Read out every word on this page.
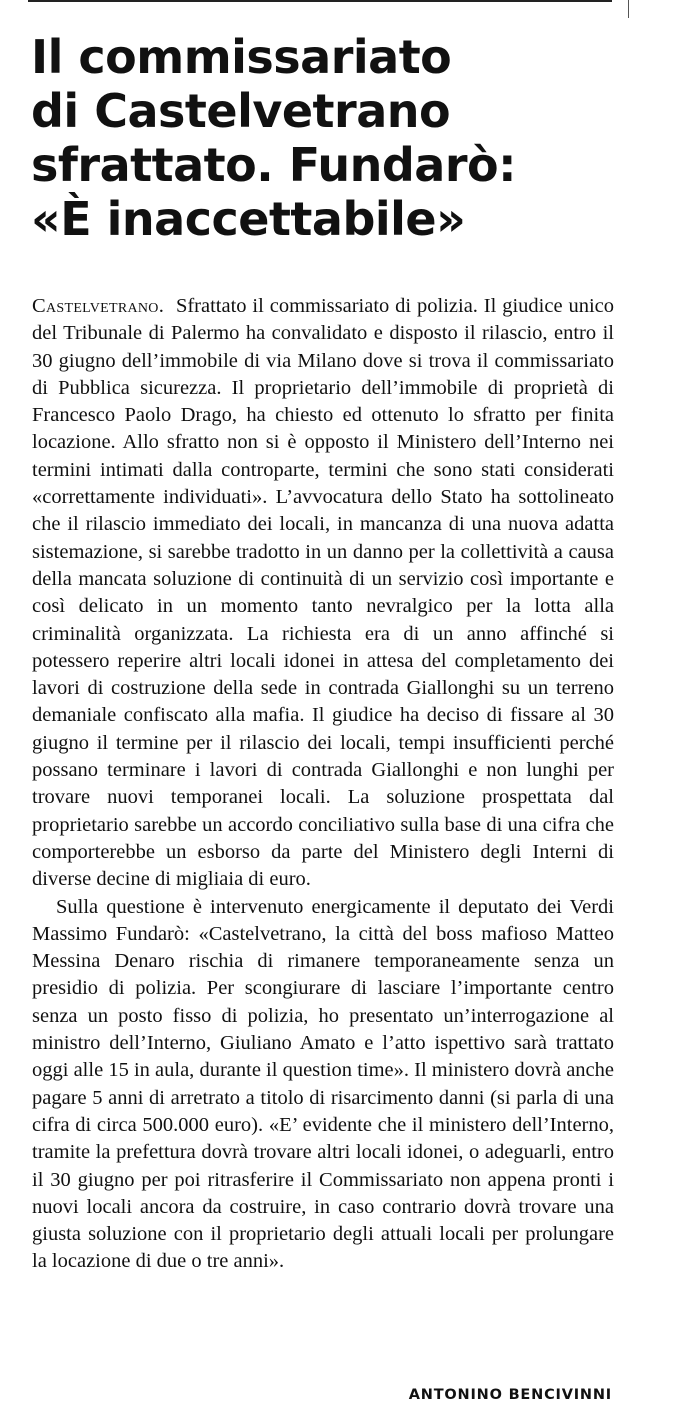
Il commissariato
di Castelvetrano
sfrattato. Fundarò:
«È inaccettabile»

Castelvetrano. Sfrattato il commissariato di polizia. Il giudice unico del Tribunale di Palermo ha convalidato e disposto il rilascio, entro il 30 giugno dell’immobile di via Milano dove si trova il commissariato di Pubblica sicurezza. Il proprietario dell’immobile di proprietà di Francesco Paolo Drago, ha chiesto ed ottenuto lo sfratto per finita locazione. Allo sfratto non si è opposto il Ministero dell’Interno nei termini intimati dalla controparte, termini che sono stati considerati «correttamente individuati». L’avvocatura dello Stato ha sottolineato che il rilascio immediato dei locali, in mancanza di una nuova adatta sistemazione, si sarebbe tradotto in un danno per la collettività a causa della mancata soluzione di continuità di un servizio così importante e così delicato in un momento tanto nevralgico per la lotta alla criminalità organizzata. La richiesta era di un anno affinché si potessero reperire altri locali idonei in attesa del completamento dei lavori di costruzione della sede in contrada Giallonghi su un terreno demaniale confiscato alla mafia. Il giudice ha deciso di fissare al 30 giugno il termine per il rilascio dei locali, tempi insufficienti perché possano terminare i lavori di contrada Giallonghi e non lunghi per trovare nuovi temporanei locali. La soluzione prospettata dal proprietario sarebbe un accordo conciliativo sulla base di una cifra che comporterebbe un esborso da parte del Ministero degli Interni di diverse decine di migliaia di euro.

Sulla questione è intervenuto energicamente il deputato dei Verdi Massimo Fundarò: «Castelvetrano, la città del boss mafioso Matteo Messina Denaro rischia di rimanere temporaneamente senza un presidio di polizia. Per scongiurare di lasciare l’importante centro senza un posto fisso di polizia, ho presentato un’interrogazione al ministro dell’Interno, Giuliano Amato e l’atto ispettivo sarà trattato oggi alle 15 in aula, durante il question time». Il ministero dovrà anche pagare 5 anni di arretrato a titolo di risarcimento danni (si parla di una cifra di circa 500.000 euro). «E’ evidente che il ministero dell’Interno, tramite la prefettura dovrà trovare altri locali idonei, o adeguarli, entro il 30 giugno per poi ritrasferire il Commissariato non appena pronti i nuovi locali ancora da costruire, in caso contrario dovrà trovare una giusta soluzione con il proprietario degli attuali locali per prolungare la locazione di due o tre anni».

ANTONINO BENCIVINNI
